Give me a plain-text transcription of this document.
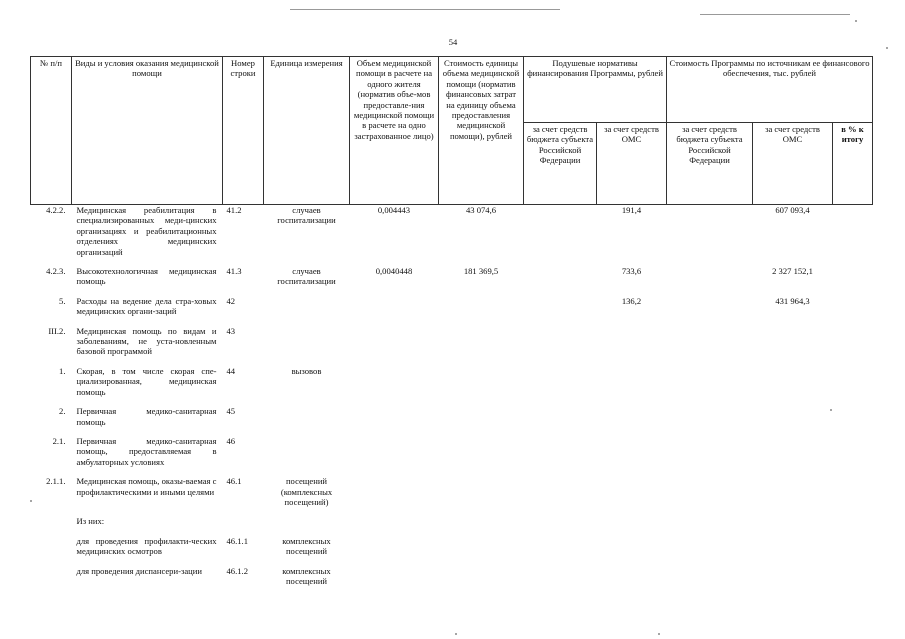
54
№ п/п	Виды и условия оказания медицинской помощи	Номер строки	Единица измерения	Объем медицинской помощи в расчете на одного жителя (норматив объе-мов предоставле-ния медицинской помощи в расчете на одно застрахованное лицо)	Стоимость единицы объема медицинской помощи (норматив финансовых затрат на единицу объема предоставления медицинской помощи), рублей	Подушевые нормативы финансирования Программы, рублей		Стоимость Программы по источникам ее финансового обеспечения, тыс. рублей		
						за счет средств бюджета субъекта Российской Федерации	за счет средств ОМС	за счет средств бюджета субъекта Российской Федерации	за счет средств ОМС	в % к итогу
4.2.2.	Медицинская реабилитация в специализированных меди-цинских организациях и реабилитационных отделениях медицинских организаций	41.2	случаев госпитализации	0,004443	43 074,6		191,4		607 093,4	
4.2.3.	Высокотехнологичная медицинская помощь	41.3	случаев госпитализации	0,0040448	181 369,5		733,6		2 327 152,1	
5.	Расходы на ведение дела стра-ховых медицинских органи-заций	42					136,2		431 964,3	
III.2.	Медицинская помощь по видам и заболеваниям, не уста-новленным базовой программой	43								
1.	Скорая, в том числе скорая спе-циализированная, медицинская помощь	44	вызовов							
2.	Первичная медико-санитарная помощь	45								
2.1.	Первичная медико-санитарная помощь, предоставляемая в амбулаторных условиях	46								
2.1.1.	Медицинская помощь, оказы-ваемая с профилактическими и иными целями	46.1	посещений (комплексных посещений)							
	Из них:									
	для проведения профилакти-ческих медицинских осмотров	46.1.1	комплексных посещений							
	для проведения диспансери-зации	46.1.2	комплексных посещений							
